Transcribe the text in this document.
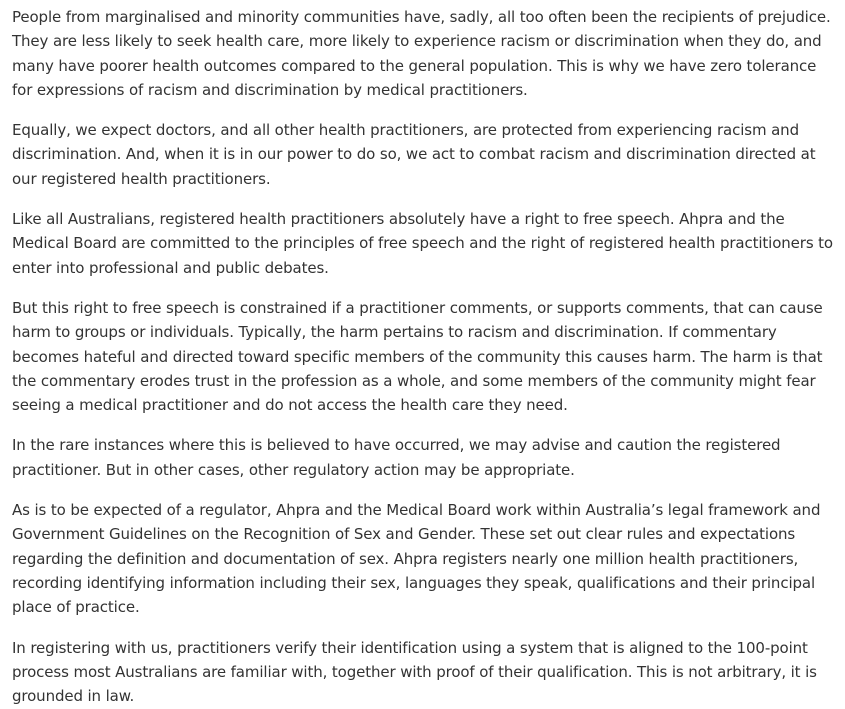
People from marginalised and minority communities have, sadly, all too often been the recipients of prejudice. They are less likely to seek health care, more likely to experience racism or discrimination when they do, and many have poorer health outcomes compared to the general population. This is why we have zero tolerance for expressions of racism and discrimination by medical practitioners.

Equally, we expect doctors, and all other health practitioners, are protected from experiencing racism and discrimination. And, when it is in our power to do so, we act to combat racism and discrimination directed at our registered health practitioners.

Like all Australians, registered health practitioners absolutely have a right to free speech. Ahpra and the Medical Board are committed to the principles of free speech and the right of registered health practitioners to enter into professional and public debates.

But this right to free speech is constrained if a practitioner comments, or supports comments, that can cause harm to groups or individuals. Typically, the harm pertains to racism and discrimination. If commentary becomes hateful and directed toward specific members of the community this causes harm. The harm is that the commentary erodes trust in the profession as a whole, and some members of the community might fear seeing a medical practitioner and do not access the health care they need.

In the rare instances where this is believed to have occurred, we may advise and caution the registered practitioner. But in other cases, other regulatory action may be appropriate.

As is to be expected of a regulator, Ahpra and the Medical Board work within Australia’s legal framework and Government Guidelines on the Recognition of Sex and Gender. These set out clear rules and expectations regarding the definition and documentation of sex. Ahpra registers nearly one million health practitioners, recording identifying information including their sex, languages they speak, qualifications and their principal place of practice.

In registering with us, practitioners verify their identification using a system that is aligned to the 100-point process most Australians are familiar with, together with proof of their qualification. This is not arbitrary, it is grounded in law.
